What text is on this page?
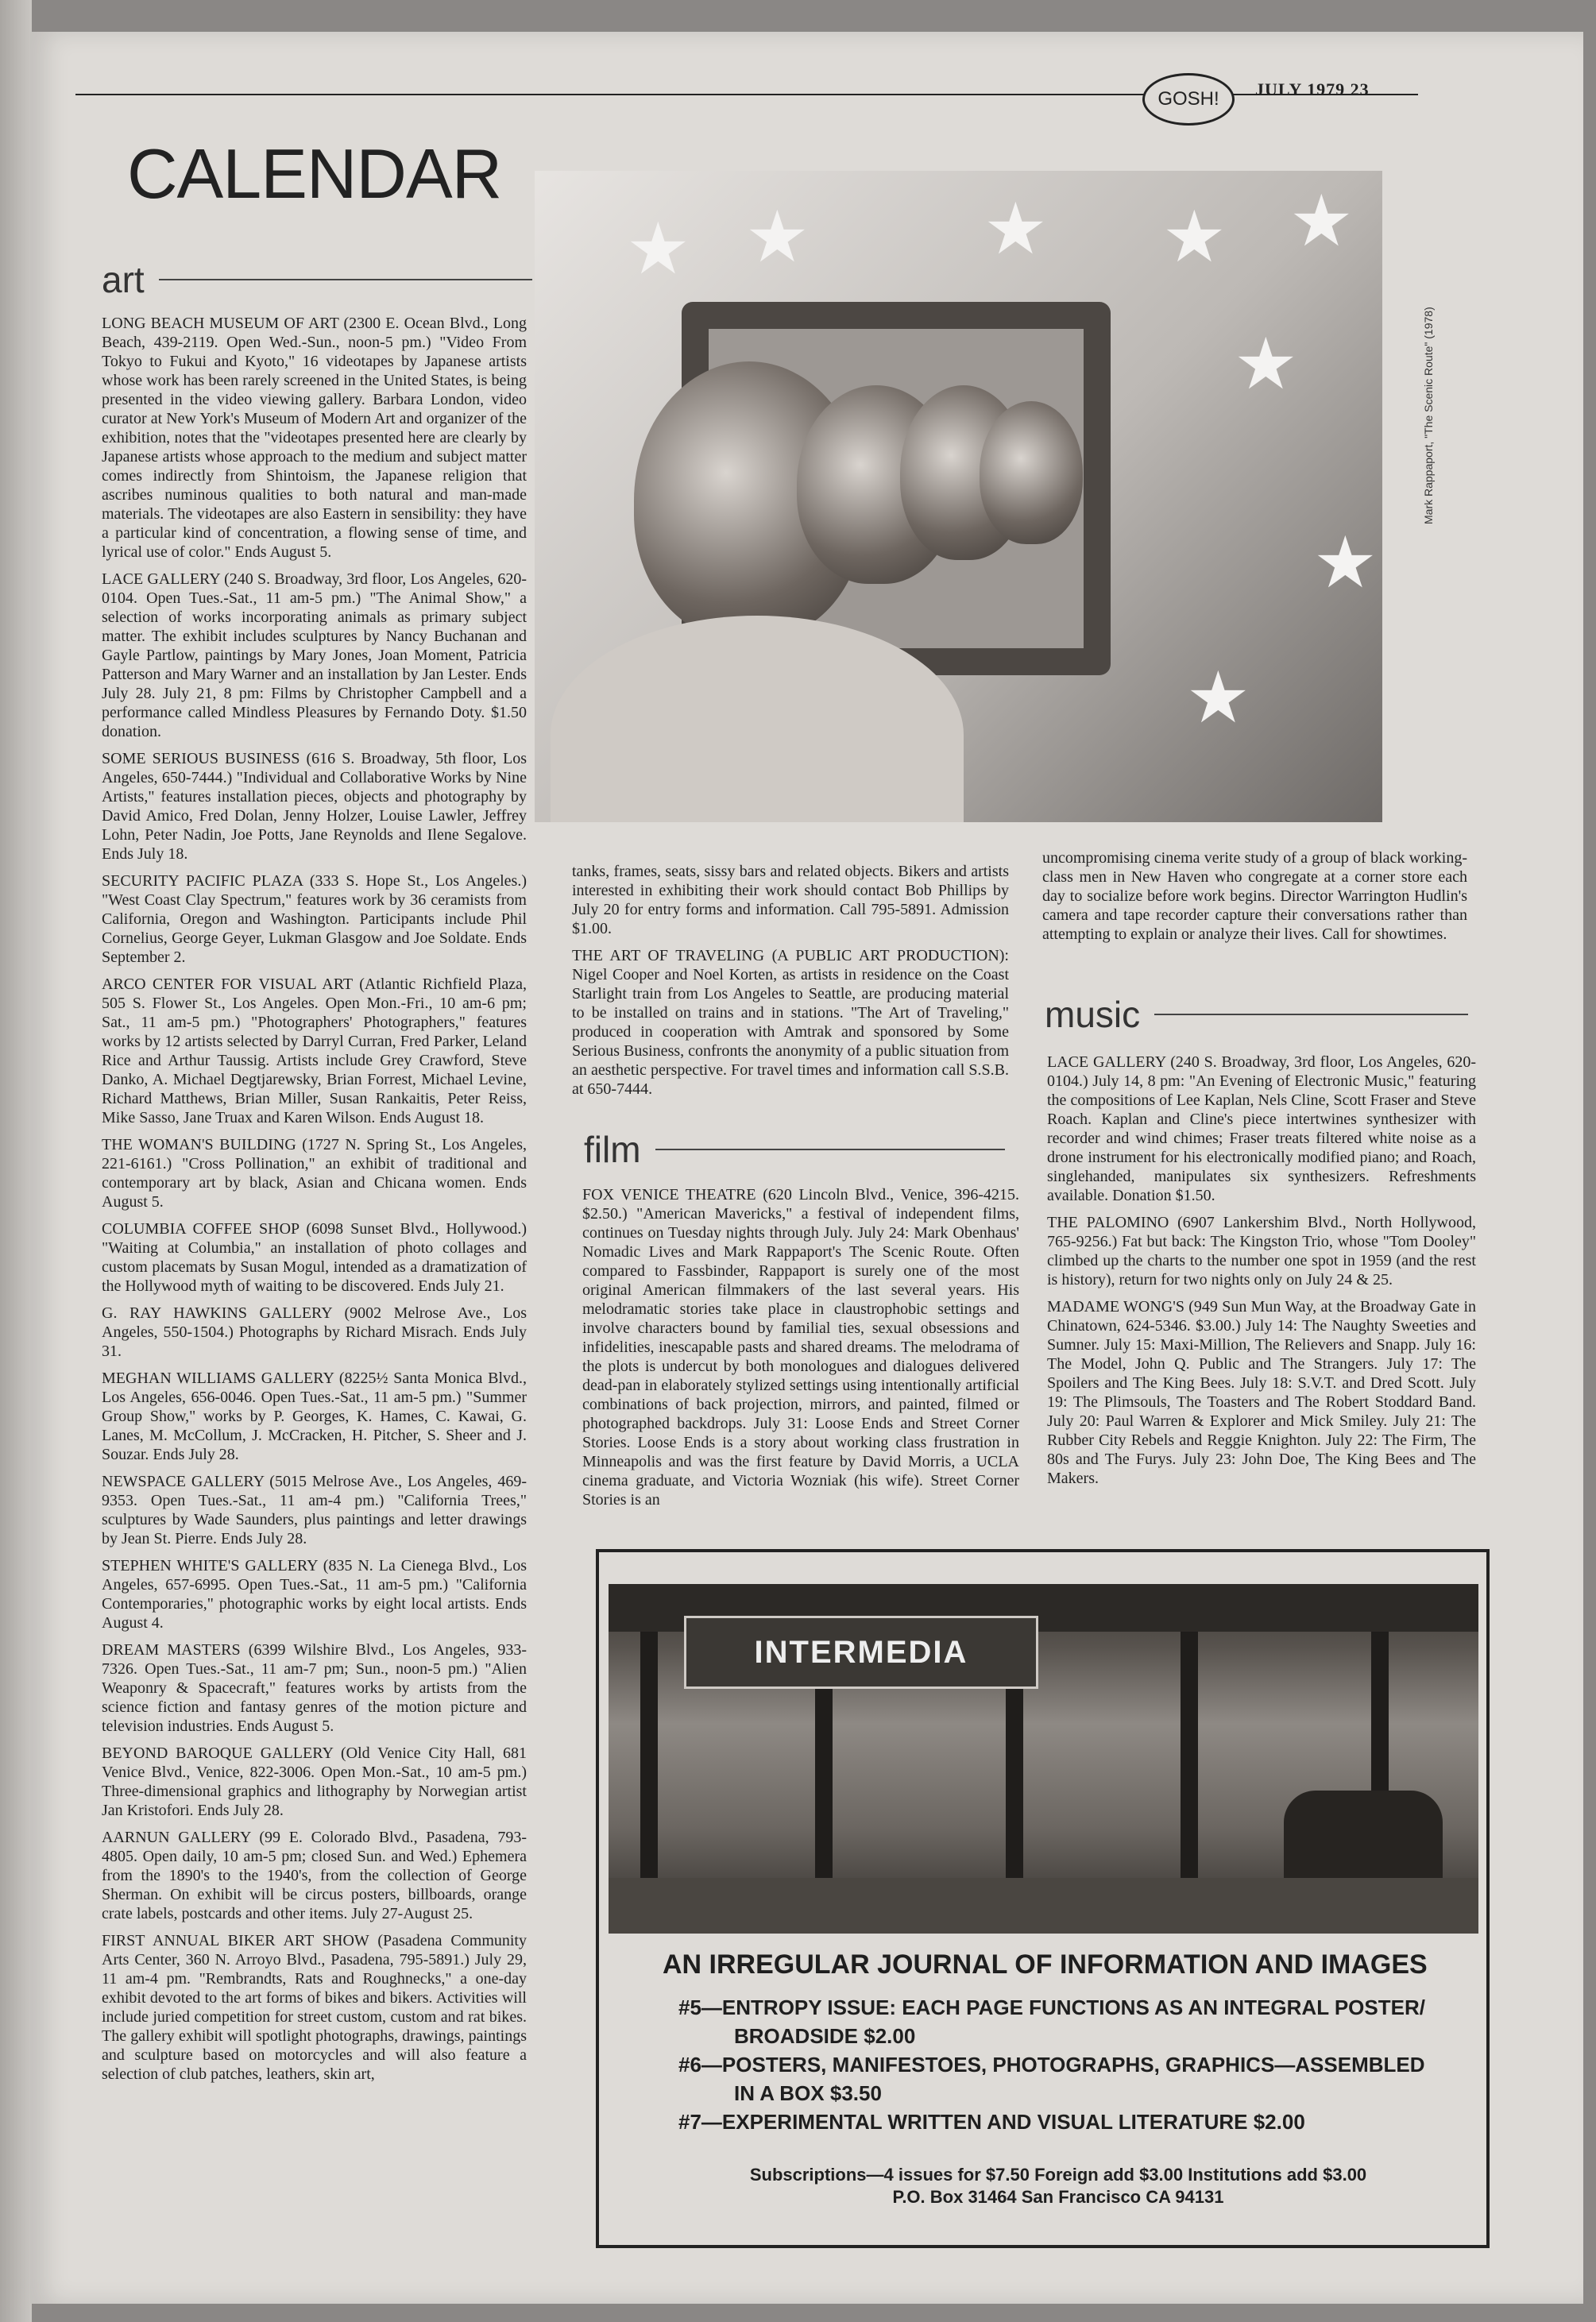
GOSH!	JULY 1979 23
CALENDAR
art

LONG BEACH MUSEUM OF ART (2300 E. Ocean Blvd., Long Beach, 439-2119. Open Wed.-Sun., noon-5 pm.) "Video From Tokyo to Fukui and Kyoto," 16 videotapes by Japanese artists whose work has been rarely screened in the United States, is being presented in the video viewing gallery. Barbara London, video curator at New York's Museum of Modern Art and organizer of the exhibition, notes that the "videotapes presented here are clearly by Japanese artists whose approach to the medium and subject matter comes indirectly from Shintoism, the Japanese religion that ascribes numinous qualities to both natural and man-made materials. The videotapes are also Eastern in sensibility: they have a particular kind of concentration, a flowing sense of time, and lyrical use of color." Ends August 5.

LACE GALLERY (240 S. Broadway, 3rd floor, Los Angeles, 620-0104. Open Tues.-Sat., 11 am-5 pm.) "The Animal Show," a selection of works incorporating animals as primary subject matter. The exhibit includes sculptures by Nancy Buchanan and Gayle Partlow, paintings by Mary Jones, Joan Moment, Patricia Patterson and Mary Warner and an installation by Jan Lester. Ends July 28. July 21, 8 pm: Films by Christopher Campbell and a performance called Mindless Pleasures by Fernando Doty. $1.50 donation.

SOME SERIOUS BUSINESS (616 S. Broadway, 5th floor, Los Angeles, 650-7444.) "Individual and Collaborative Works by Nine Artists," features installation pieces, objects and photography by David Amico, Fred Dolan, Jenny Holzer, Louise Lawler, Jeffrey Lohn, Peter Nadin, Joe Potts, Jane Reynolds and Ilene Segalove. Ends July 18.

SECURITY PACIFIC PLAZA (333 S. Hope St., Los Angeles.) "West Coast Clay Spectrum," features work by 36 ceramists from California, Oregon and Washington. Participants include Phil Cornelius, George Geyer, Lukman Glasgow and Joe Soldate. Ends September 2.

ARCO CENTER FOR VISUAL ART (Atlantic Richfield Plaza, 505 S. Flower St., Los Angeles. Open Mon.-Fri., 10 am-6 pm; Sat., 11 am-5 pm.) "Photographers' Photographers," features works by 12 artists selected by Darryl Curran, Fred Parker, Leland Rice and Arthur Taussig. Artists include Grey Crawford, Steve Danko, A. Michael Degtjarewsky, Brian Forrest, Michael Levine, Richard Matthews, Brian Miller, Susan Rankaitis, Peter Reiss, Mike Sasso, Jane Truax and Karen Wilson. Ends August 18.

THE WOMAN'S BUILDING (1727 N. Spring St., Los Angeles, 221-6161.) "Cross Pollination," an exhibit of traditional and contemporary art by black, Asian and Chicana women. Ends August 5.

COLUMBIA COFFEE SHOP (6098 Sunset Blvd., Hollywood.) "Waiting at Columbia," an installation of photo collages and custom placemats by Susan Mogul, intended as a dramatization of the Hollywood myth of waiting to be discovered. Ends July 21.

G. RAY HAWKINS GALLERY (9002 Melrose Ave., Los Angeles, 550-1504.) Photographs by Richard Misrach. Ends July 31.

MEGHAN WILLIAMS GALLERY (8225½ Santa Monica Blvd., Los Angeles, 656-0046. Open Tues.-Sat., 11 am-5 pm.) "Summer Group Show," works by P. Georges, K. Hames, C. Kawai, G. Lanes, M. McCollum, J. McCracken, H. Pitcher, S. Sheer and J. Souzar. Ends July 28.

NEWSPACE GALLERY (5015 Melrose Ave., Los Angeles, 469-9353. Open Tues.-Sat., 11 am-4 pm.) "California Trees," sculptures by Wade Saunders, plus paintings and letter drawings by Jean St. Pierre. Ends July 28.

STEPHEN WHITE'S GALLERY (835 N. La Cienega Blvd., Los Angeles, 657-6995. Open Tues.-Sat., 11 am-5 pm.) "California Contemporaries," photographic works by eight local artists. Ends August 4.

DREAM MASTERS (6399 Wilshire Blvd., Los Angeles, 933-7326. Open Tues.-Sat., 11 am-7 pm; Sun., noon-5 pm.) "Alien Weaponry & Spacecraft," features works by artists from the science fiction and fantasy genres of the motion picture and television industries. Ends August 5.

BEYOND BAROQUE GALLERY (Old Venice City Hall, 681 Venice Blvd., Venice, 822-3006. Open Mon.-Sat., 10 am-5 pm.) Three-dimensional graphics and lithography by Norwegian artist Jan Kristofori. Ends July 28.

AARNUN GALLERY (99 E. Colorado Blvd., Pasadena, 793-4805. Open daily, 10 am-5 pm; closed Sun. and Wed.) Ephemera from the 1890's to the 1940's, from the collection of George Sherman. On exhibit will be circus posters, billboards, orange crate labels, postcards and other items. July 27-August 25.

FIRST ANNUAL BIKER ART SHOW (Pasadena Community Arts Center, 360 N. Arroyo Blvd., Pasadena, 795-5891.) July 29, 11 am-4 pm. "Rembrandts, Rats and Roughnecks," a one-day exhibit devoted to the art forms of bikes and bikers. Activities will include juried competition for street custom, custom and rat bikes. The gallery exhibit will spotlight photographs, drawings, paintings and sculpture based on motorcycles and will also feature a selection of club patches, leathers, skin art,

★ ★ ★ ★ ★
★
★
★
Mark Rappaport, "The Scenic Route" (1978)

tanks, frames, seats, sissy bars and related objects. Bikers and artists interested in exhibiting their work should contact Bob Phillips by July 20 for entry forms and information. Call 795-5891. Admission $1.00.

THE ART OF TRAVELING (A PUBLIC ART PRODUCTION): Nigel Cooper and Noel Korten, as artists in residence on the Coast Starlight train from Los Angeles to Seattle, are producing material to be installed on trains and in stations. "The Art of Traveling," produced in cooperation with Amtrak and sponsored by Some Serious Business, confronts the anonymity of a public situation from an aesthetic perspective. For travel times and information call S.S.B. at 650-7444.

film

FOX VENICE THEATRE (620 Lincoln Blvd., Venice, 396-4215. $2.50.) "American Mavericks," a festival of independent films, continues on Tuesday nights through July. July 24: Mark Obenhaus' Nomadic Lives and Mark Rappaport's The Scenic Route. Often compared to Fassbinder, Rappaport is surely one of the most original American filmmakers of the last several years. His melodramatic stories take place in claustrophobic settings and involve characters bound by familial ties, sexual obsessions and infidelities, inescapable pasts and shared dreams. The melodrama of the plots is undercut by both monologues and dialogues delivered dead-pan in elaborately stylized settings using intentionally artificial combinations of back projection, mirrors, and painted, filmed or photographed backdrops. July 31: Loose Ends and Street Corner Stories. Loose Ends is a story about working class frustration in Minneapolis and was the first feature by David Morris, a UCLA cinema graduate, and Victoria Wozniak (his wife). Street Corner Stories is an

uncompromising cinema verite study of a group of black working-class men in New Haven who congregate at a corner store each day to socialize before work begins. Director Warrington Hudlin's camera and tape recorder capture their conversations rather than attempting to explain or analyze their lives. Call for showtimes.

music

LACE GALLERY (240 S. Broadway, 3rd floor, Los Angeles, 620-0104.) July 14, 8 pm: "An Evening of Electronic Music," featuring the compositions of Lee Kaplan, Nels Cline, Scott Fraser and Steve Roach. Kaplan and Cline's piece intertwines synthesizer with recorder and wind chimes; Fraser treats filtered white noise as a drone instrument for his electronically modified piano; and Roach, singlehanded, manipulates six synthesizers. Refreshments available. Donation $1.50.

THE PALOMINO (6907 Lankershim Blvd., North Hollywood, 765-9256.) Fat but back: The Kingston Trio, whose "Tom Dooley" climbed up the charts to the number one spot in 1959 (and the rest is history), return for two nights only on July 24 & 25.

MADAME WONG'S (949 Sun Mun Way, at the Broadway Gate in Chinatown, 624-5346. $3.00.) July 14: The Naughty Sweeties and Sumner. July 15: Maxi-Million, The Relievers and Snapp. July 16: The Model, John Q. Public and The Strangers. July 17: The Spoilers and The King Bees. July 18: S.V.T. and Dred Scott. July 19: The Plimsouls, The Toasters and The Robert Stoddard Band. July 20: Paul Warren & Explorer and Mick Smiley. July 21: The Rubber City Rebels and Reggie Knighton. July 22: The Firm, The 80s and The Furys. July 23: John Doe, The King Bees and The Makers.

INTERMEDIA
AN IRREGULAR JOURNAL OF INFORMATION AND IMAGES
#5—ENTROPY ISSUE: EACH PAGE FUNCTIONS AS AN INTEGRAL POSTER/
BROADSIDE $2.00
#6—POSTERS, MANIFESTOES, PHOTOGRAPHS, GRAPHICS—ASSEMBLED
IN A BOX $3.50
#7—EXPERIMENTAL WRITTEN AND VISUAL LITERATURE $2.00
Subscriptions—4 issues for $7.50 Foreign add $3.00 Institutions add $3.00
P.O. Box 31464 San Francisco CA 94131
